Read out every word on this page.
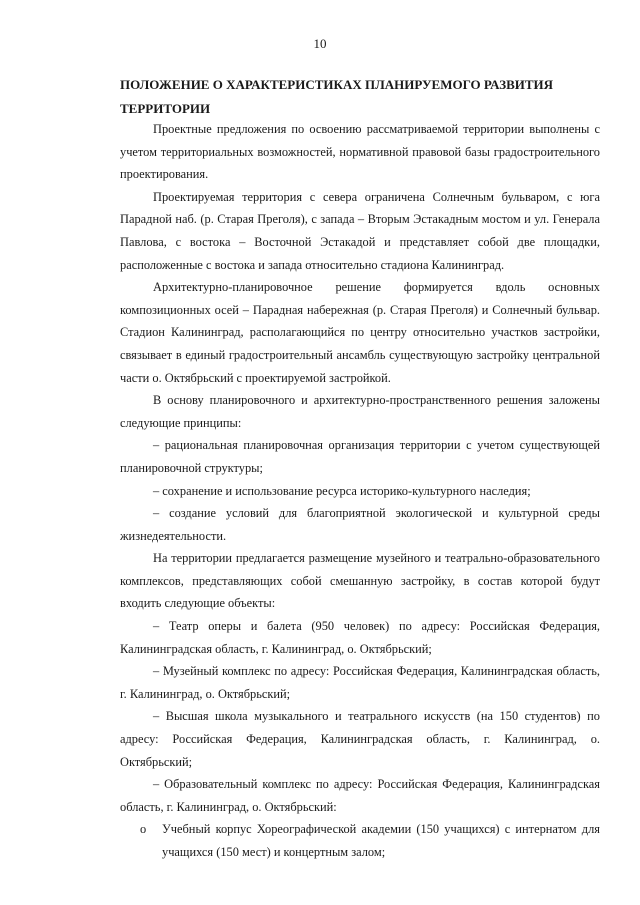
10
ПОЛОЖЕНИЕ О ХАРАКТЕРИСТИКАХ ПЛАНИРУЕМОГО РАЗВИТИЯ ТЕРРИТОРИИ

Проектные предложения по освоению рассматриваемой территории выполнены с учетом территориальных возможностей, нормативной правовой базы градостроительного проектирования.

Проектируемая территория с севера ограничена Солнечным бульваром, с юга Парадной наб. (р. Старая Преголя), с запада – Вторым Эстакадным мостом и ул. Генерала Павлова, с востока – Восточной Эстакадой и представляет собой две площадки, расположенные с востока и запада относительно стадиона Калининград.

Архитектурно-планировочное решение формируется вдоль основных композиционных осей – Парадная набережная (р. Старая Преголя) и Солнечный бульвар. Стадион Калининград, располагающийся по центру относительно участков застройки, связывает в единый градостроительный ансамбль существующую застройку центральной части о. Октябрьский с проектируемой застройкой.

В основу планировочного и архитектурно-пространственного решения заложены следующие принципы:

– рациональная планировочная организация территории с учетом существующей планировочной структуры;

– сохранение и использование ресурса историко-культурного наследия;

– создание условий для благоприятной экологической и культурной среды жизнедеятельности.

На территории предлагается размещение музейного и театрально-образовательного комплексов, представляющих собой смешанную застройку, в состав которой будут входить следующие объекты:

– Театр оперы и балета (950 человек) по адресу: Российская Федерация, Калининградская область, г. Калининград, о. Октябрьский;

– Музейный комплекс по адресу: Российская Федерация, Калининградская область, г. Калининград, о. Октябрьский;

– Высшая школа музыкального и театрального искусств (на 150 студентов) по адресу: Российская Федерация, Калининградская область, г. Калининград, о. Октябрьский;

– Образовательный комплекс по адресу: Российская Федерация, Калининградская область, г. Калининград, о. Октябрьский:

o	Учебный корпус Хореографической академии (150 учащихся) с интернатом для учащихся (150 мест) и концертным залом;
